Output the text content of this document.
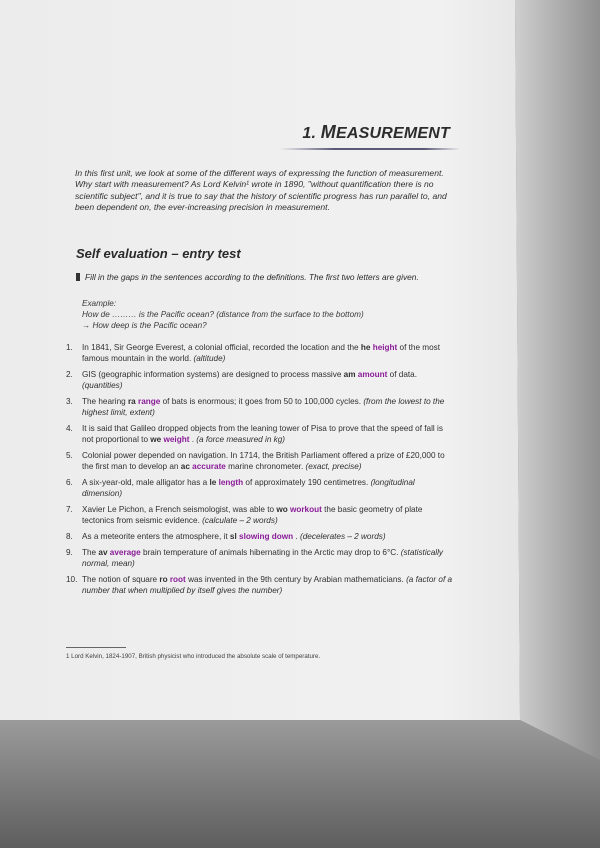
1. MEASUREMENT
In this first unit, we look at some of the different ways of expressing the function of measurement. Why start with measurement? As Lord Kelvin¹ wrote in 1890, "without quantification there is no scientific subject", and it is true to say that the history of scientific progress has run parallel to, and been dependent on, the ever-increasing precision in measurement.
Self evaluation – entry test
Fill in the gaps in the sentences according to the definitions. The first two letters are given.
Example:
How de ……… is the Pacific ocean? (distance from the surface to the bottom)
→ How deep is the Pacific ocean?
1. In 1841, Sir George Everest, a colonial official, recorded the location and the he height of the most famous mountain in the world. (altitude)
2. GIS (geographic information systems) are designed to process massive am amount of data. (quantities)
3. The hearing ra range of bats is enormous; it goes from 50 to 100,000 cycles. (from the lowest to the highest limit, extent)
4. It is said that Galileo dropped objects from the leaning tower of Pisa to prove that the speed of fall is not proportional to we weight . (a force measured in kg)
5. Colonial power depended on navigation. In 1714, the British Parliament offered a prize of £20,000 to the first man to develop an ac accurate marine chronometer. (exact, precise)
6. A six-year-old, male alligator has a le length of approximately 190 centimetres. (longitudinal dimension)
7. Xavier Le Pichon, a French seismologist, was able to wo workout the basic geometry of plate tectonics from seismic evidence. (calculate – 2 words)
8. As a meteorite enters the atmosphere, it sl slowing down . (decelerates – 2 words)
9. The av average brain temperature of animals hibernating in the Arctic may drop to 6°C. (statistically normal, mean)
10. The notion of square ro root was invented in the 9th century by Arabian mathematicians. (a factor of a number that when multiplied by itself gives the number)
1 Lord Kelvin, 1824-1907, British physicist who introduced the absolute scale of temperature.
